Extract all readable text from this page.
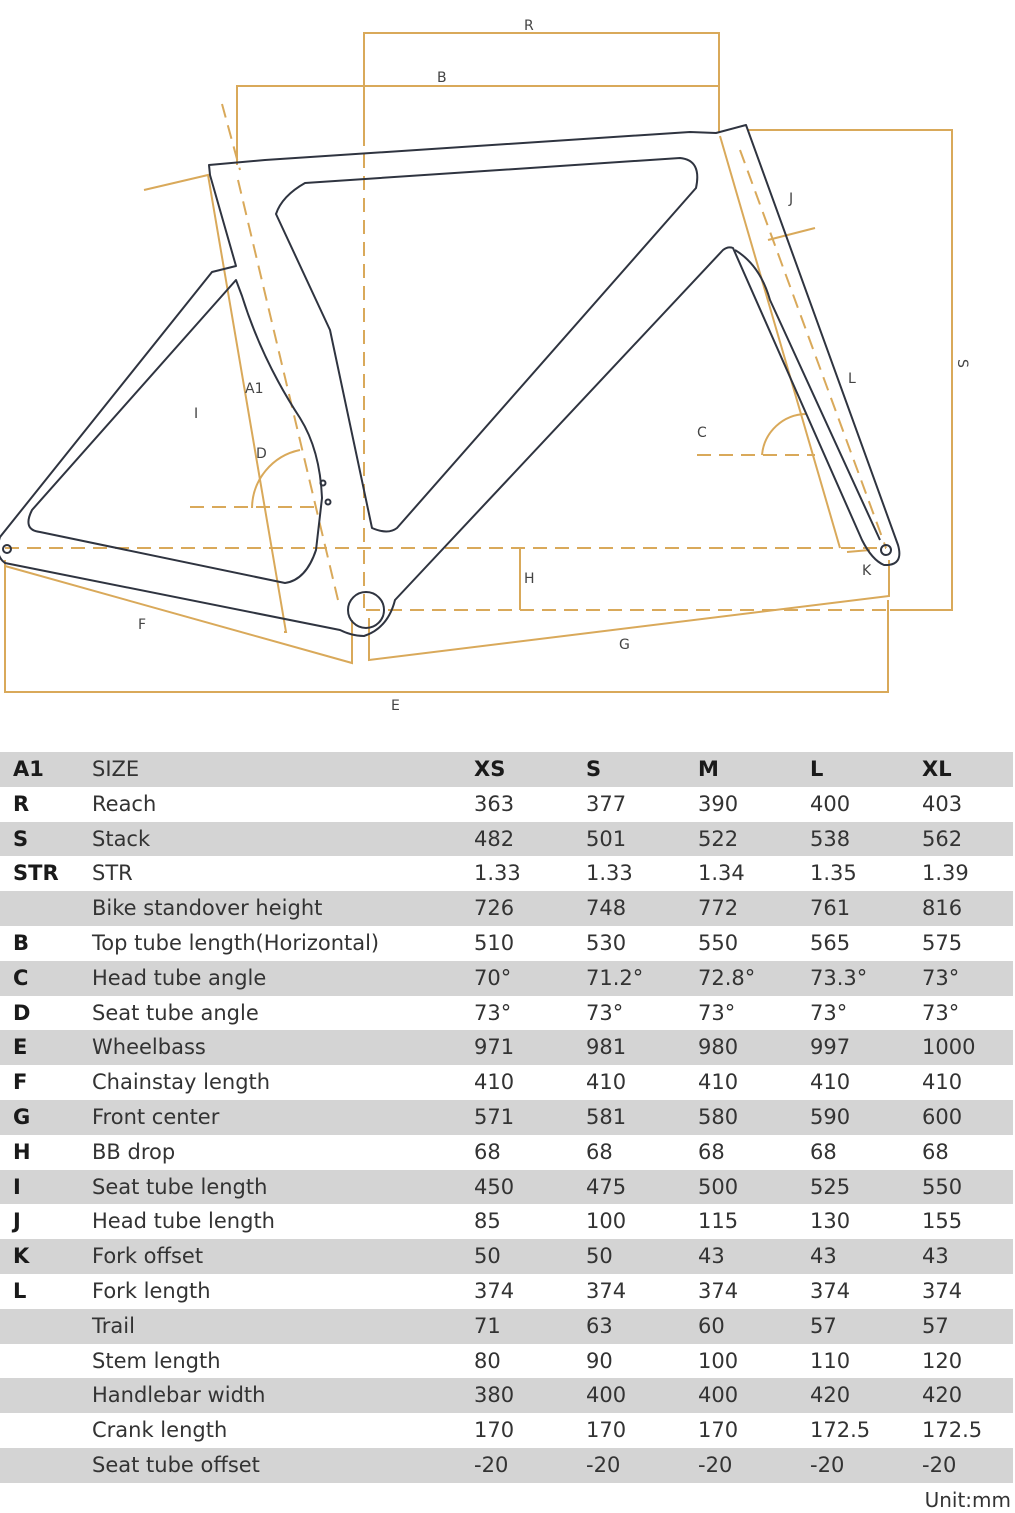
R
B
S
J
L
C
A1
I
D
H	K
F
G
E
A1 SIZE	XS	S	M	L	XL
R	Reach	363	377	390	400	403
S	Stack	482	501	522	538	562
STR STR	1.33	1.33	1.34	1.35	1.39
Bike standover height	726	748	772	761	816
B	Top tube length(Horizontal)	510	530	550	565	575
C	Head tube angle	70°	71.2°	72.8°	73.3°	73°
D	Seat tube angle	73°	73°	73°	73°	73°
E	Wheelbass	971	981	980	997	1000
F	Chainstay length	410	410	410	410	410
G	Front center	571	581	580	590	600
H	BB drop	68	68	68	68	68
I	Seat tube length	450	475	500	525	550
J	Head tube length	85	100	115	130	155
K	Fork offset	50	50	43	43	43
L	Fork length	374	374	374	374	374
Trail	71	63	60	57	57
Stem length	80	90	100	110	120
Handlebar width	380	400	400	420	420
Crank length	170	170	170	172.5 172.5
Seat tube offset	-20	-20	-20	-20	-20
Unit:mm
